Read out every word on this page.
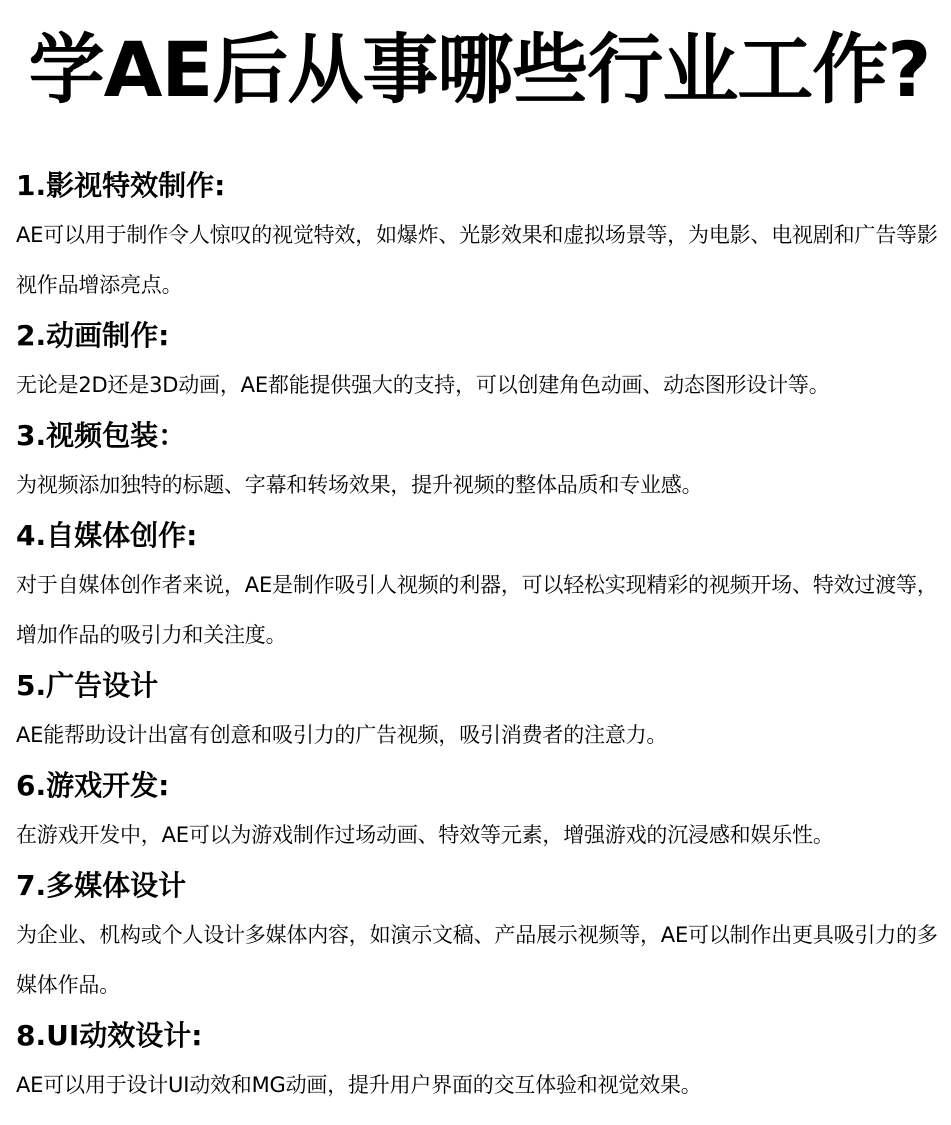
学AE后从事哪些行业工作?

1.影视特效制作:

AE可以用于制作令人惊叹的视觉特效，如爆炸、光影效果和虚拟场景等，为电影、电视剧和广告等影视作品增添亮点。

2.动画制作:

无论是2D还是3D动画，AE都能提供强大的支持，可以创建角色动画、动态图形设计等。

3.视频包装：

为视频添加独特的标题、字幕和转场效果，提升视频的整体品质和专业感。

4.自媒体创作:

对于自媒体创作者来说，AE是制作吸引人视频的利器，可以轻松实现精彩的视频开场、特效过渡等，增加作品的吸引力和关注度。

5.广告设计

AE能帮助设计出富有创意和吸引力的广告视频，吸引消费者的注意力。

6.游戏开发:

在游戏开发中，AE可以为游戏制作过场动画、特效等元素，增强游戏的沉浸感和娱乐性。

7.多媒体设计

为企业、机构或个人设计多媒体内容，如演示文稿、产品展示视频等，AE可以制作出更具吸引力的多媒体作品。

8.UI动效设计:

AE可以用于设计UI动效和MG动画，提升用户界面的交互体验和视觉效果。
